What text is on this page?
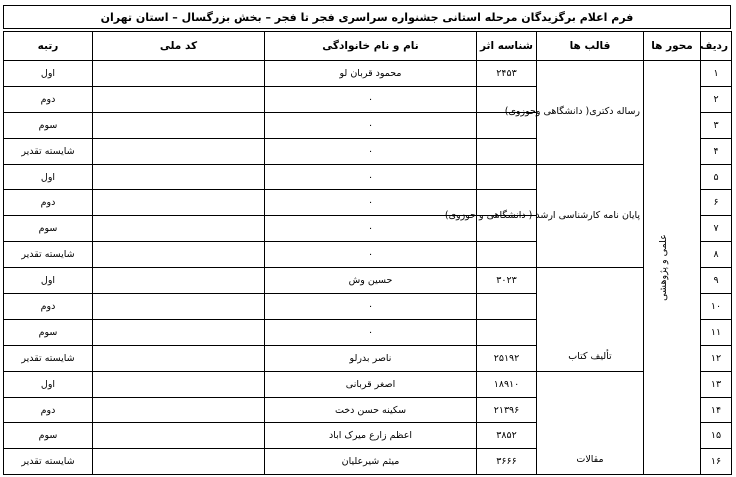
فرم اعلام برگزیدگان مرحله استانی جشنواره سراسری فجر تا فجر – بخش بزرگسال – استان تهران
ردیف	محور ها	قالب ها	شناسه اثر	نام و نام خانوادگی	کد ملی	رتبه
۱	علمی و پژوهشی	رساله دکتری( دانشگاهی وحوزوی)	۲۴۵۳	محمود قربان لو		اول
۲				۰		دوم
۳				۰		سوم
۴				۰		شایسته تقدیر
۵		پایان نامه کارشناسی ارشد ( دانشگاهی و حوزوی)		۰		اول
۶				۰		دوم
۷				۰		سوم
۸				۰		شایسته تقدیر
۹		تألیف کتاب	۳۰۲۳	حسین وش		اول
۱۰				۰		دوم
۱۱				۰		سوم
۱۲			۲۵۱۹۲	ناصر بدرلو		شایسته تقدیر
۱۳		مقالات	۱۸۹۱۰	اصغر قربانی		اول
۱۴			۲۱۳۹۶	سکینه حسن دخت		دوم
۱۵			۳۸۵۲	اعظم زارع میرک اباد		سوم
۱۶			۳۶۶۶	میثم شیرعلیان		شایسته تقدیر
